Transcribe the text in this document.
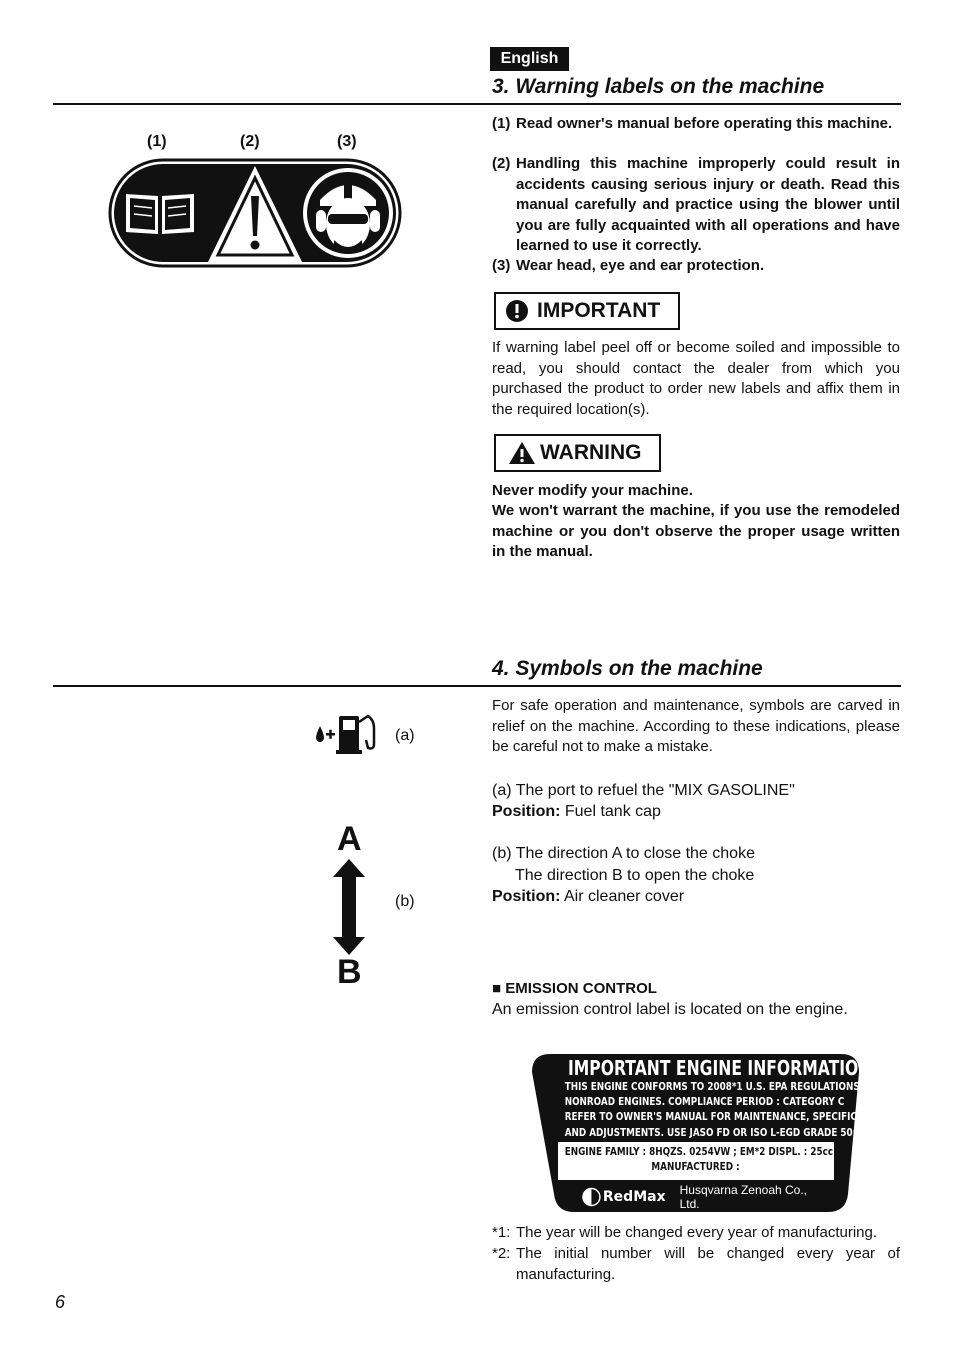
English
3. Warning labels on the machine
(1)	(2)	(3)
(1) Read owner's manual before operating this machine.
(2) Handling this machine improperly could result in accidents causing serious injury or death. Read this manual carefully and practice using the blower until you are fully acquainted with all operations and have learned to use it correctly.
(3) Wear head, eye and ear protection.
IMPORTANT
If warning label peel off or become soiled and impossible to read, you should contact the dealer from which you purchased the product to order new labels and affix them in the required location(s).
WARNING
Never modify your machine.
We won't warrant the machine, if you use the remodeled machine or you don't observe the proper usage written in the manual.
4. Symbols on the machine
(a)
A
B
(b)
For safe operation and maintenance, symbols are carved in relief on the machine. According to these indications, please be careful not to make a mistake.
(a) The port to refuel the "MIX GASOLINE"
Position: Fuel tank cap
(b) The direction A to close the choke
The direction B to open the choke
Position: Air cleaner cover
■ EMISSION CONTROL
An emission control label is located on the engine.
IMPORTANT ENGINE INFORMATION
THIS ENGINE CONFORMS TO 2008*1 U.S. EPA REGULATIONS FOR SMALL
NONROAD ENGINES. COMPLIANCE PERIOD : CATEGORY C
REFER TO OWNER'S MANUAL FOR MAINTENANCE, SPECIFICATIONS
AND ADJUSTMENTS. USE JASO FD OR ISO L-EGD GRADE 50:1 OIL.
ENGINE FAMILY : 8HQZS. 0254VW ; EM*2 DISPL. : 25cc
MANUFACTURED :
RedMax Husqvarna Zenoah Co., Ltd.
*1: The year will be changed every year of manufacturing.
*2: The initial number will be changed every year of manufacturing.
6
